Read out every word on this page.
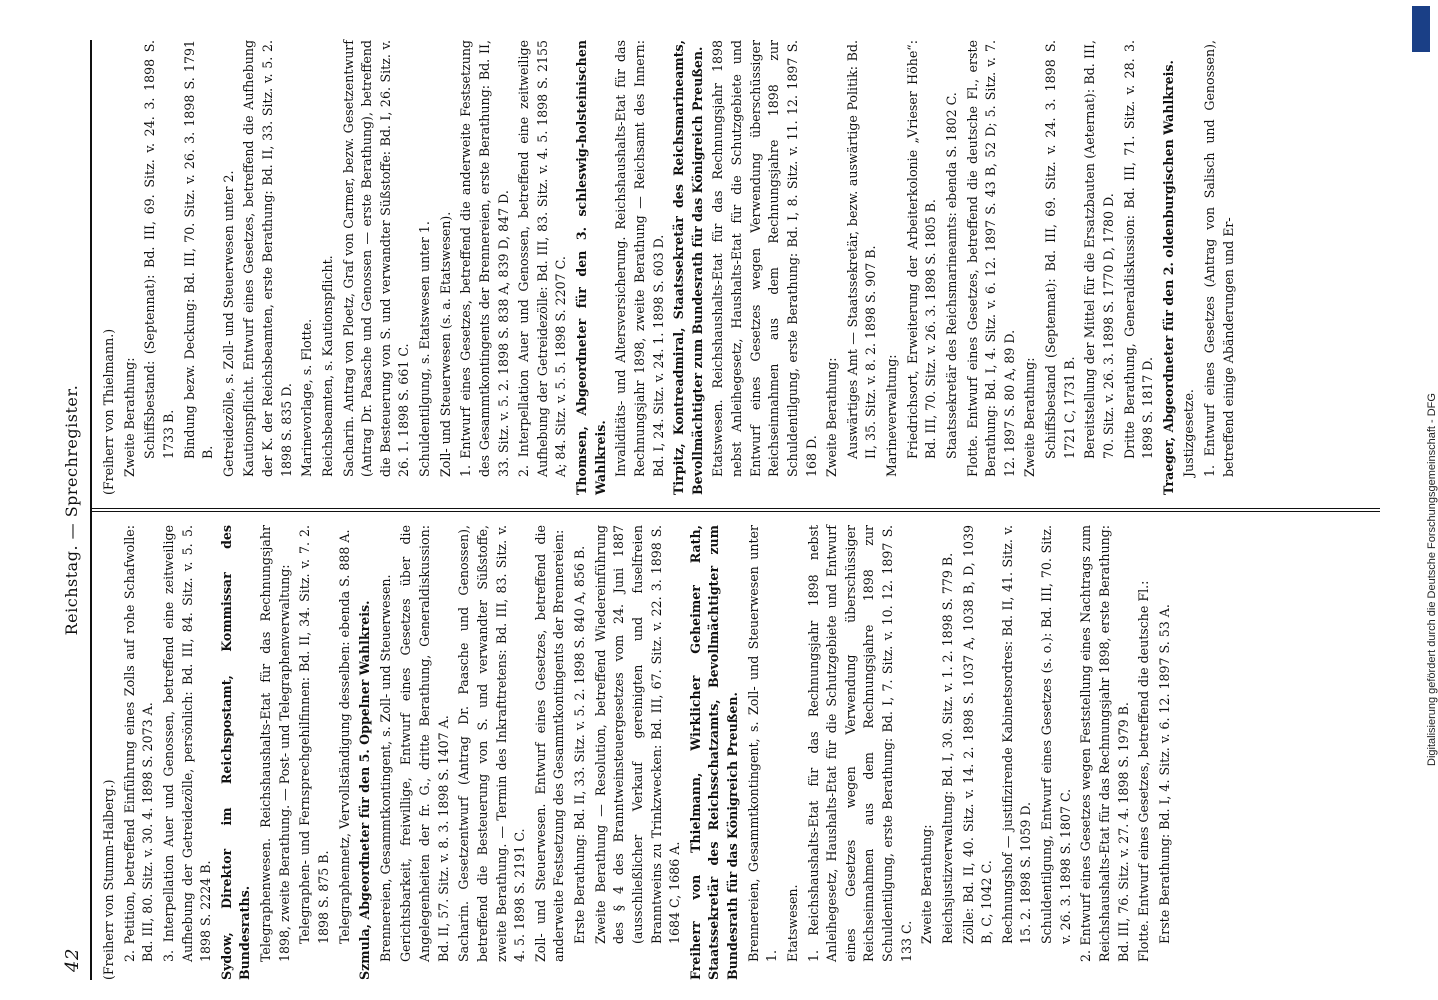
42
Reichstag. — Sprechregister.
(Freiherr von Stumm-Halberg.) 2. Petition, betreffend Einführung eines Zolls auf rohe Schafwolle: Bd. III, 80. Sitz. v. 30. 4. 1898 S. 2073 A. 3. Interpellation Auer und Genossen, betreffend eine zeitweilige Aufhebung der Getreidezölle, persönlich: Bd. III, 84. Sitz. v. 5. 5. 1898 S. 2224 B. Sydow, Direktor im Reichspostamt, Kommissar des Bundesraths. Telegraphenwesen. Reichshaushalts-Etat für das Rechnungsjahr 1898, zweite Berathung. — Post- und Telegraphenverwaltung: Telegraphen- und Fernsprechgehilfinnen: Bd. II, 34. Sitz. v. 7. 2. 1898 S. 875 B. Telegraphennetz, Vervollständigung desselben: ebenda S. 888 A. Szmula, Abgeordneter für den 5. Oppelner Wahlkreis. Brennereien, Gesammtkontingent, s. Zoll- und Steuerwesen. Gerichtsbarkeit, freiwillige, Entwurf eines Gesetzes über die Angelegenheiten der fr. G., dritte Berathung, Generaldiskussion: Bd. II, 57. Sitz. v. 8. 3. 1898 S. 1407 A. Sacharin. Gesetzentwurf (Antrag Dr. Paasche und Genossen), betreffend die Besteuerung von S. und verwandter Süßstoffe, zweite Berathung. — Termin des Inkrafttretens: Bd. III, 83. Sitz. v. 4. 5. 1898 S. 2191 C. Zoll- und Steuerwesen. Entwurf eines Gesetzes, betreffend die anderweite Festsetzung des Gesammtkontingents der Brennereien: Erste Berathung: Bd. II, 33. Sitz. v. 5. 2. 1898 S. 840 A, 856 B. Zweite Berathung — Resolution, betreffend Wiedereinführung des § 4 des Branntweinsteuergesetzes vom 24. Juni 1887 (ausschließlicher Verkauf gereinigten und fuselfreien Branntweins zu Trinkzwecken: Bd. III, 67. Sitz. v. 22. 3. 1898 S. 1684 C, 1686 A. Freiherr von Thielmann, Wirklicher Geheimer Rath, Staatssekretär des Reichsschatzamts, Bevollmächtigter zum Bundesrath für das Königreich Preußen. Brennereien, Gesammtkontingent, s. Zoll- und Steuerwesen unter 1. Etatswesen. 1. Reichshaushalts-Etat für das Rechnungsjahr 1898 nebst Anleihegesetz, Haushalts-Etat für die Schutzgebiete und Entwurf eines Gesetzes wegen Verwendung überschüssiger Reichseinnahmen aus dem Rechnungsjahre 1898 zur Schuldentilgung, erste Berathung: Bd. I, 7. Sitz. v. 10. 12. 1897 S. 133 C. Zweite Berathung: Reichsjustizverwaltung: Bd. I, 30. Sitz. v. 1. 2. 1898 S. 779 B. Zölle: Bd. II, 40. Sitz. v. 14. 2. 1898 S. 1037 A, 1038 B, D, 1039 B, C, 1042 C. Rechnungshof — justifizirende Kabinetsordres: Bd. II, 41. Sitz. v. 15. 2. 1898 S. 1059 D. Schuldentilgung, Entwurf eines Gesetzes (s. o.): Bd. III, 70. Sitz. v. 26. 3. 1898 S. 1807 C. 2. Entwurf eines Gesetzes wegen Feststellung eines Nachtrags zum Reichshaushalts-Etat für das Rechnungsjahr 1898, erste Berathung: Bd. III, 76. Sitz. v. 27. 4. 1898 S. 1979 B. Flotte. Entwurf eines Gesetzes, betreffend die deutsche Fl.: Erste Berathung: Bd. I, 4. Sitz. v. 6. 12. 1897 S. 53 A.
(Freiherr von Thielmann.) Zweite Berathung: Schiffsbestand: (Septennat): Bd. III, 69. Sitz. v. 24. 3. 1898 S. 1733 B. Bindung bezw. Deckung: Bd. III, 70. Sitz. v. 26. 3. 1898 S. 1791 B. Getreidezölle, s. Zoll- und Steuerwesen unter 2. Kautionspflicht. Entwurf eines Gesetzes, betreffend die Aufhebung der K. der Reichsbeamten, erste Berathung: Bd. II, 33. Sitz. v. 5. 2. 1898 S. 835 D. Marinevorlage, s. Flotte. Reichsbeamten, s. Kautionspflicht. Sacharin. Antrag von Ploetz, Graf von Carmer, bezw. Gesetzentwurf (Antrag Dr. Paasche und Genossen — erste Berathung), betreffend die Besteuerung von S. und verwandter Süßstoffe: Bd. I, 26. Sitz. v. 26. 1. 1898 S. 661 C. Schuldentilgung, s. Etatswesen unter 1. Zoll- und Steuerwesen (s. a. Etatswesen). 1. Entwurf eines Gesetzes, betreffend die anderweite Festsetzung des Gesammtkontingents der Brennereien, erste Berathung: Bd. II, 33. Sitz. v. 5. 2. 1898 S. 838 A, 839 D, 847 D. 2. Interpellation Auer und Genossen, betreffend eine zeitweilige Aufhebung der Getreidezölle: Bd. III, 83. Sitz. v. 4. 5. 1898 S. 2155 A; 84. Sitz. v. 5. 5. 1898 S. 2207 C. Thomsen, Abgeordneter für den 3. schleswig-holsteinischen Wahlkreis. Invaliditäts- und Altersversicherung. Reichshaushalts-Etat für das Rechnungsjahr 1898, zweite Berathung — Reichsamt des Innern: Bd. I, 24. Sitz. v. 24. 1. 1898 S. 603 D. Tirpitz, Kontreadmiral, Staatssekretär des Reichsmarineamts, Bevollmächtigter zum Bundesrath für das Königreich Preußen. Etatswesen. Reichshaushalts-Etat für das Rechnungsjahr 1898 nebst Anleihegesetz, Haushalts-Etat für die Schutzgebiete und Entwurf eines Gesetzes wegen Verwendung überschüssiger Reichseinnahmen aus dem Rechnungsjahre 1898 zur Schuldentilgung, erste Berathung: Bd. I, 8. Sitz. v. 11. 12. 1897 S. 168 D. Zweite Berathung: Auswärtiges Amt — Staatssekretär, bezw. auswärtige Politik: Bd. II, 35. Sitz. v. 8. 2. 1898 S. 907 B. Marineverwaltung: Friedrichsort, Erweiterung der Arbeiterkolonie „Vrieser Höhe“: Bd. III, 70. Sitz. v. 26. 3. 1898 S. 1805 B. Staatssekretär des Reichsmarineamts: ebenda S. 1802 C. Flotte. Entwurf eines Gesetzes, betreffend die deutsche Fl., erste Berathung: Bd. I, 4. Sitz. v. 6. 12. 1897 S. 43 B, 52 D; 5. Sitz. v. 7. 12. 1897 S. 80 A, 89 D. Zweite Berathung: Schiffsbestand (Septennat): Bd. III, 69. Sitz. v. 24. 3. 1898 S. 1721 C, 1731 B. Bereitstellung der Mittel für die Ersatzbauten (Aeternat): Bd. III, 70. Sitz. v. 26. 3. 1898 S. 1770 D, 1780 D. Dritte Berathung, Generaldiskussion: Bd. III, 71. Sitz. v. 28. 3. 1898 S. 1817 D. Traeger, Abgeordneter für den 2. oldenburgischen Wahlkreis. Justizgesetze. 1. Entwurf eines Gesetzes (Antrag von Salisch und Genossen), betreffend einige Abänderungen und Er-
Digitalisierung gefördert durch die Deutsche Forschungsgemeinschaft - DFG
